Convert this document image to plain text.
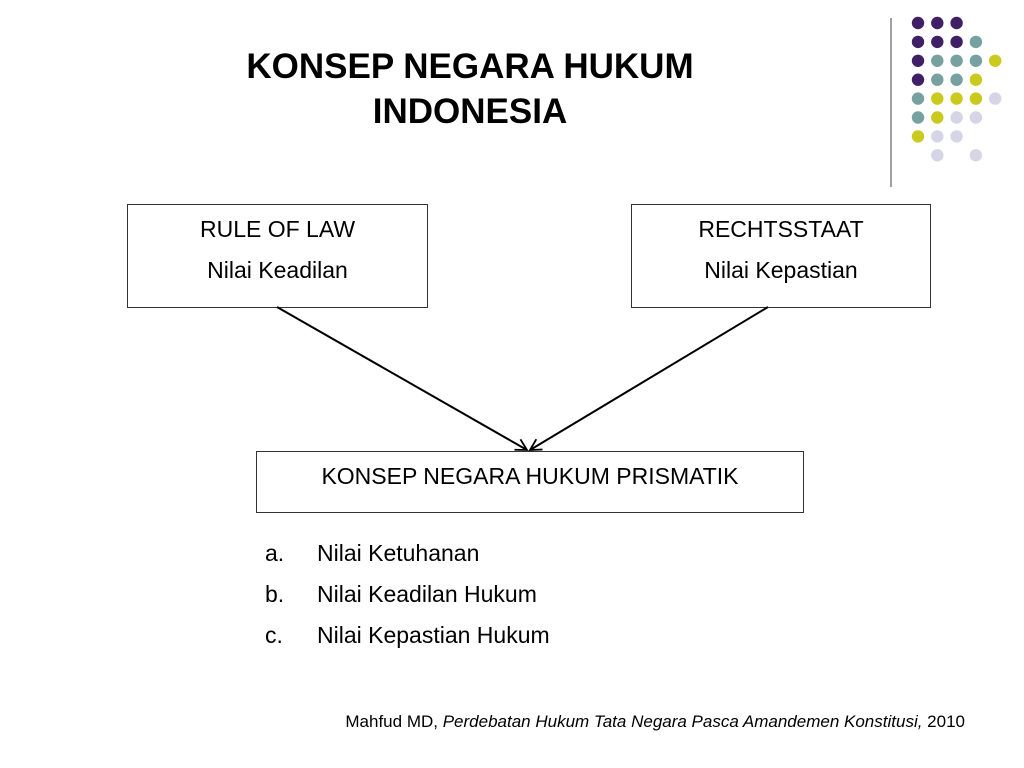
KONSEP NEGARA HUKUM
INDONESIA
RULE OF LAW
Nilai Keadilan
RECHTSSTAAT
Nilai Kepastian
KONSEP NEGARA HUKUM PRISMATIK
a. Nilai Ketuhanan
b. Nilai Keadilan Hukum
c. Nilai Kepastian Hukum
Mahfud MD, Perdebatan Hukum Tata Negara Pasca Amandemen Konstitusi, 2010
